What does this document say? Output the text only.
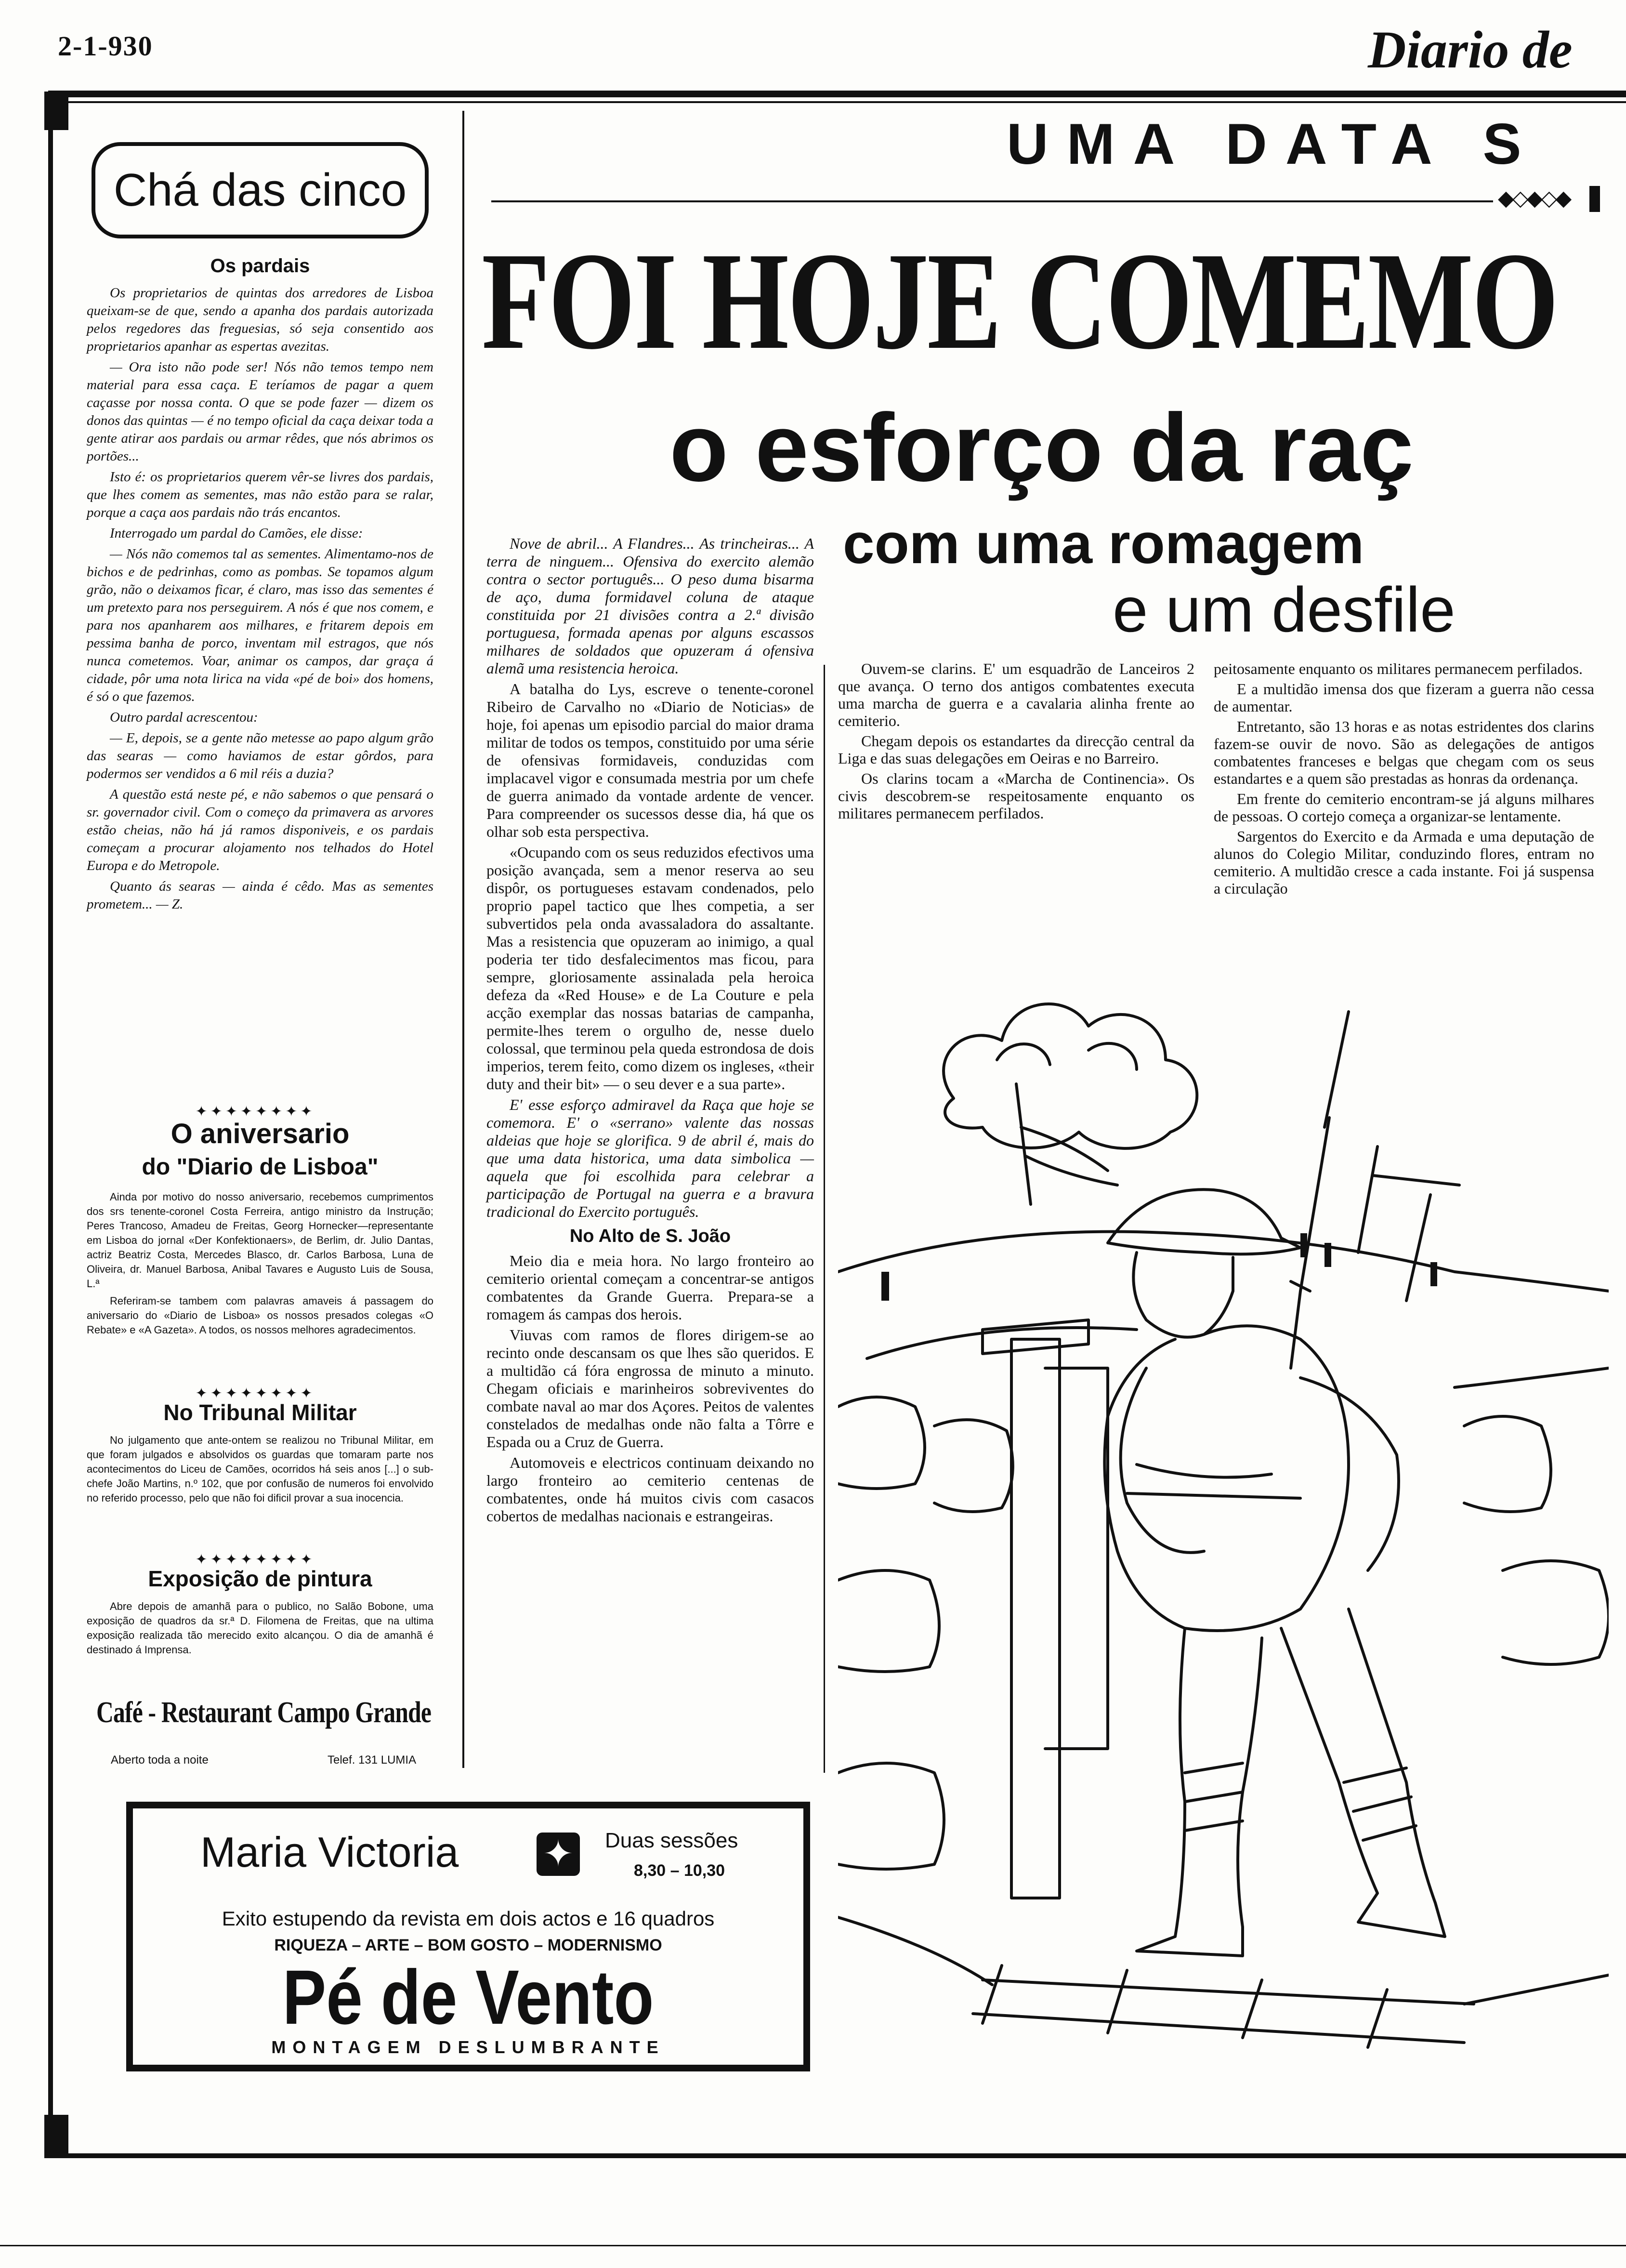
2-1-930	Diario de
Chá das cinco
Os pardais

Os proprietarios de quintas dos arredores de Lisboa queixam-se de que, sendo a apanha dos pardais autorizada pelos regedores das freguesias, só seja consentido aos proprietarios apanhar as espertas avezitas.

— Ora isto não pode ser! Nós não temos tempo nem material para essa caça. E teríamos de pagar a quem caçasse por nossa conta. O que se pode fazer — dizem os donos das quintas — é no tempo oficial da caça deixar toda a gente atirar aos pardais ou armar rêdes, que nós abrimos os portões...

Isto é: os proprietarios querem vêr-se livres dos pardais, que lhes comem as sementes, mas não estão para se ralar, porque a caça aos pardais não trás encantos.

Interrogado um pardal do Camões, ele disse:

— Nós não comemos tal as sementes. Alimentamo-nos de bichos e de pedrinhas, como as pombas. Se topamos algum grão, não o deixamos ficar, é claro, mas isso das sementes é um pretexto para nos perseguirem. A nós é que nos comem, e para nos apanharem aos milhares, e fritarem depois em pessima banha de porco, inventam mil estragos, que nós nunca cometemos. Voar, animar os campos, dar graça á cidade, pôr uma nota lirica na vida «pé de boi» dos homens, é só o que fazemos.

Outro pardal acrescentou:

— E, depois, se a gente não metesse ao papo algum grão das searas — como haviamos de estar gôrdos, para podermos ser vendidos a 6 mil réis a duzia?

A questão está neste pé, e não sabemos o que pensará o sr. governador civil. Com o começo da primavera as arvores estão cheias, não há já ramos disponiveis, e os pardais começam a procurar alojamento nos telhados do Hotel Europa e do Metropole.

Quanto ás searas — ainda é cêdo. Mas as sementes prometem... — Z.

✦✦✦✦✦✦✦✦
O aniversario
do "Diario de Lisboa"

Ainda por motivo do nosso aniversario, recebemos cumprimentos dos srs tenente-coronel Costa Ferreira, antigo ministro da Instrução; Peres Trancoso, Amadeu de Freitas, Georg Hornecker—representante em Lisboa do jornal «Der Konfektionaers», de Berlim, dr. Julio Dantas, actriz Beatriz Costa, Mercedes Blasco, dr. Carlos Barbosa, Luna de Oliveira, dr. Manuel Barbosa, Anibal Tavares e Augusto Luis de Sousa, L.ª

Referiram-se tambem com palavras amaveis á passagem do aniversario do «Diario de Lisboa» os nossos presados colegas «O Rebate» e «A Gazeta». A todos, os nossos melhores agradecimentos.

✦✦✦✦✦✦✦✦
No Tribunal Militar

No julgamento que ante-ontem se realizou no Tribunal Militar, em que foram julgados e absolvidos os guardas que tomaram parte nos acontecimentos do Liceu de Camões, ocorridos há seis anos [...] o sub-chefe João Martins, n.º 102, que por confusão de numeros foi envolvido no referido processo, pelo que não foi dificil provar a sua inocencia.

✦✦✦✦✦✦✦✦
Exposição de pintura

Abre depois de amanhã para o publico, no Salão Bobone, uma exposição de quadros da sr.ª D. Filomena de Freitas, que na ultima exposição realizada tão merecido exito alcançou. O dia de amanhã é destinado á Imprensa.

Café - Restaurant Campo Grande
Aberto toda a noite	Telef. 131 LUMIA
Maria Victoria ✦ Duas sessões
8,30 – 10,30
Exito estupendo da revista em dois actos e 16 quadros
RIQUEZA – ARTE – BOM GOSTO – MODERNISMO
Pé de Vento
MONTAGEM DESLUMBRANTE
UMA DATA S
◆◇◆◇◆
FOI HOJE COMEMO
o esforço da raç
com uma romagem
e um desfile

Nove de abril... A Flandres... As trincheiras... A terra de ninguem... Ofensiva do exercito alemão contra o sector português... O peso duma bisarma de aço, duma formidavel coluna de ataque constituida por 21 divisões contra a 2.ª divisão portuguesa, formada apenas por alguns escassos milhares de soldados que opuzeram á ofensiva alemã uma resistencia heroica.

A batalha do Lys, escreve o tenente-coronel Ribeiro de Carvalho no «Diario de Noticias» de hoje, foi apenas um episodio parcial do maior drama militar de todos os tempos, constituido por uma série de ofensivas formidaveis, conduzidas com implacavel vigor e consumada mestria por um chefe de guerra animado da vontade ardente de vencer. Para compreender os sucessos desse dia, há que os olhar sob esta perspectiva.

«Ocupando com os seus reduzidos efectivos uma posição avançada, sem a menor reserva ao seu dispôr, os portugueses estavam condenados, pelo proprio papel tactico que lhes competia, a ser subvertidos pela onda avassaladora do assaltante. Mas a resistencia que opuzeram ao inimigo, a qual poderia ter tido desfalecimentos mas ficou, para sempre, gloriosamente assinalada pela heroica defeza da «Red House» e de La Couture e pela acção exemplar das nossas batarias de campanha, permite-lhes terem o orgulho de, nesse duelo colossal, que terminou pela queda estrondosa de dois imperios, terem feito, como dizem os ingleses, «their duty and their bit» — o seu dever e a sua parte».

E' esse esforço admiravel da Raça que hoje se comemora. E' o «serrano» valente das nossas aldeias que hoje se glorifica. 9 de abril é, mais do que uma data historica, uma data simbolica — aquela que foi escolhida para celebrar a participação de Portugal na guerra e a bravura tradicional do Exercito português.

No Alto de S. João

Meio dia e meia hora. No largo fronteiro ao cemiterio oriental começam a concentrar-se antigos combatentes da Grande Guerra. Prepara-se a romagem ás campas dos herois.

Viuvas com ramos de flores dirigem-se ao recinto onde descansam os que lhes são queridos. E a multidão cá fóra engrossa de minuto a minuto. Chegam oficiais e marinheiros sobreviventes do combate naval ao mar dos Açores. Peitos de valentes constelados de medalhas onde não falta a Tôrre e Espada ou a Cruz de Guerra.

Automoveis e electricos continuam deixando no largo fronteiro ao cemiterio centenas de combatentes, onde há muitos civis com casacos cobertos de medalhas nacionais e estrangeiras.

Ouvem-se clarins. E' um esquadrão de Lanceiros 2 que avança. O terno dos antigos combatentes executa uma marcha de guerra e a cavalaria alinha frente ao cemiterio.

Chegam depois os estandartes da direcção central da Liga e das suas delegações em Oeiras e no Barreiro.

Os clarins tocam a «Marcha de Continencia». Os civis descobrem-se respeitosamente enquanto os militares permanecem perfilados.

peitosamente enquanto os militares permanecem perfilados.

E a multidão imensa dos que fizeram a guerra não cessa de aumentar.

Entretanto, são 13 horas e as notas estridentes dos clarins fazem-se ouvir de novo. São as delegações de antigos combatentes franceses e belgas que chegam com os seus estandartes e a quem são prestadas as honras da ordenança.

Em frente do cemiterio encontram-se já alguns milhares de pessoas. O cortejo começa a organizar-se lentamente.

Sargentos do Exercito e da Armada e uma deputação de alunos do Colegio Militar, conduzindo flores, entram no cemiterio. A multidão cresce a cada instante. Foi já suspensa a circulação
